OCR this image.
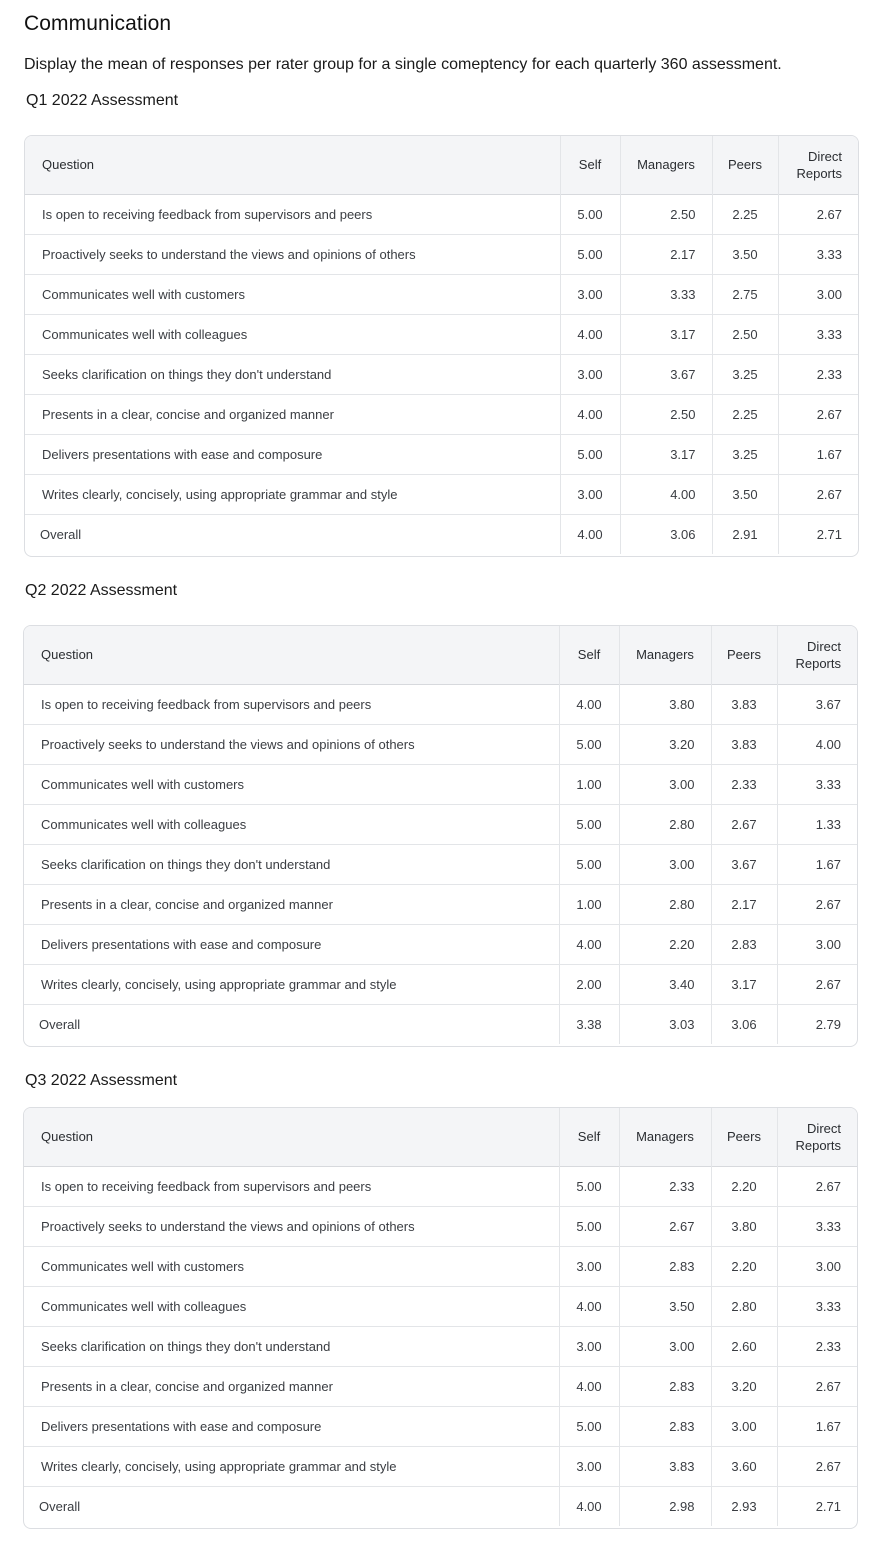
Communication
Display the mean of responses per rater group for a single comeptency for each quarterly 360 assessment.
Q1 2022 Assessment
Question	Self	Managers	Peers	Direct
Reports
Is open to receiving feedback from supervisors and peers	5.00	2.50	2.25	2.67
Proactively seeks to understand the views and opinions of others	5.00	2.17	3.50	3.33
Communicates well with customers	3.00	3.33	2.75	3.00
Communicates well with colleagues	4.00	3.17	2.50	3.33
Seeks clarification on things they don't understand	3.00	3.67	3.25	2.33
Presents in a clear, concise and organized manner	4.00	2.50	2.25	2.67
Delivers presentations with ease and composure	5.00	3.17	3.25	1.67
Writes clearly, concisely, using appropriate grammar and style	3.00	4.00	3.50	2.67
Overall	4.00	3.06	2.91	2.71
Q2 2022 Assessment
Question	Self	Managers	Peers	Direct
Reports
Is open to receiving feedback from supervisors and peers	4.00	3.80	3.83	3.67
Proactively seeks to understand the views and opinions of others	5.00	3.20	3.83	4.00
Communicates well with customers	1.00	3.00	2.33	3.33
Communicates well with colleagues	5.00	2.80	2.67	1.33
Seeks clarification on things they don't understand	5.00	3.00	3.67	1.67
Presents in a clear, concise and organized manner	1.00	2.80	2.17	2.67
Delivers presentations with ease and composure	4.00	2.20	2.83	3.00
Writes clearly, concisely, using appropriate grammar and style	2.00	3.40	3.17	2.67
Overall	3.38	3.03	3.06	2.79
Q3 2022 Assessment
Question	Self	Managers	Peers	Direct
Reports
Is open to receiving feedback from supervisors and peers	5.00	2.33	2.20	2.67
Proactively seeks to understand the views and opinions of others	5.00	2.67	3.80	3.33
Communicates well with customers	3.00	2.83	2.20	3.00
Communicates well with colleagues	4.00	3.50	2.80	3.33
Seeks clarification on things they don't understand	3.00	3.00	2.60	2.33
Presents in a clear, concise and organized manner	4.00	2.83	3.20	2.67
Delivers presentations with ease and composure	5.00	2.83	3.00	1.67
Writes clearly, concisely, using appropriate grammar and style	3.00	3.83	3.60	2.67
Overall	4.00	2.98	2.93	2.71
